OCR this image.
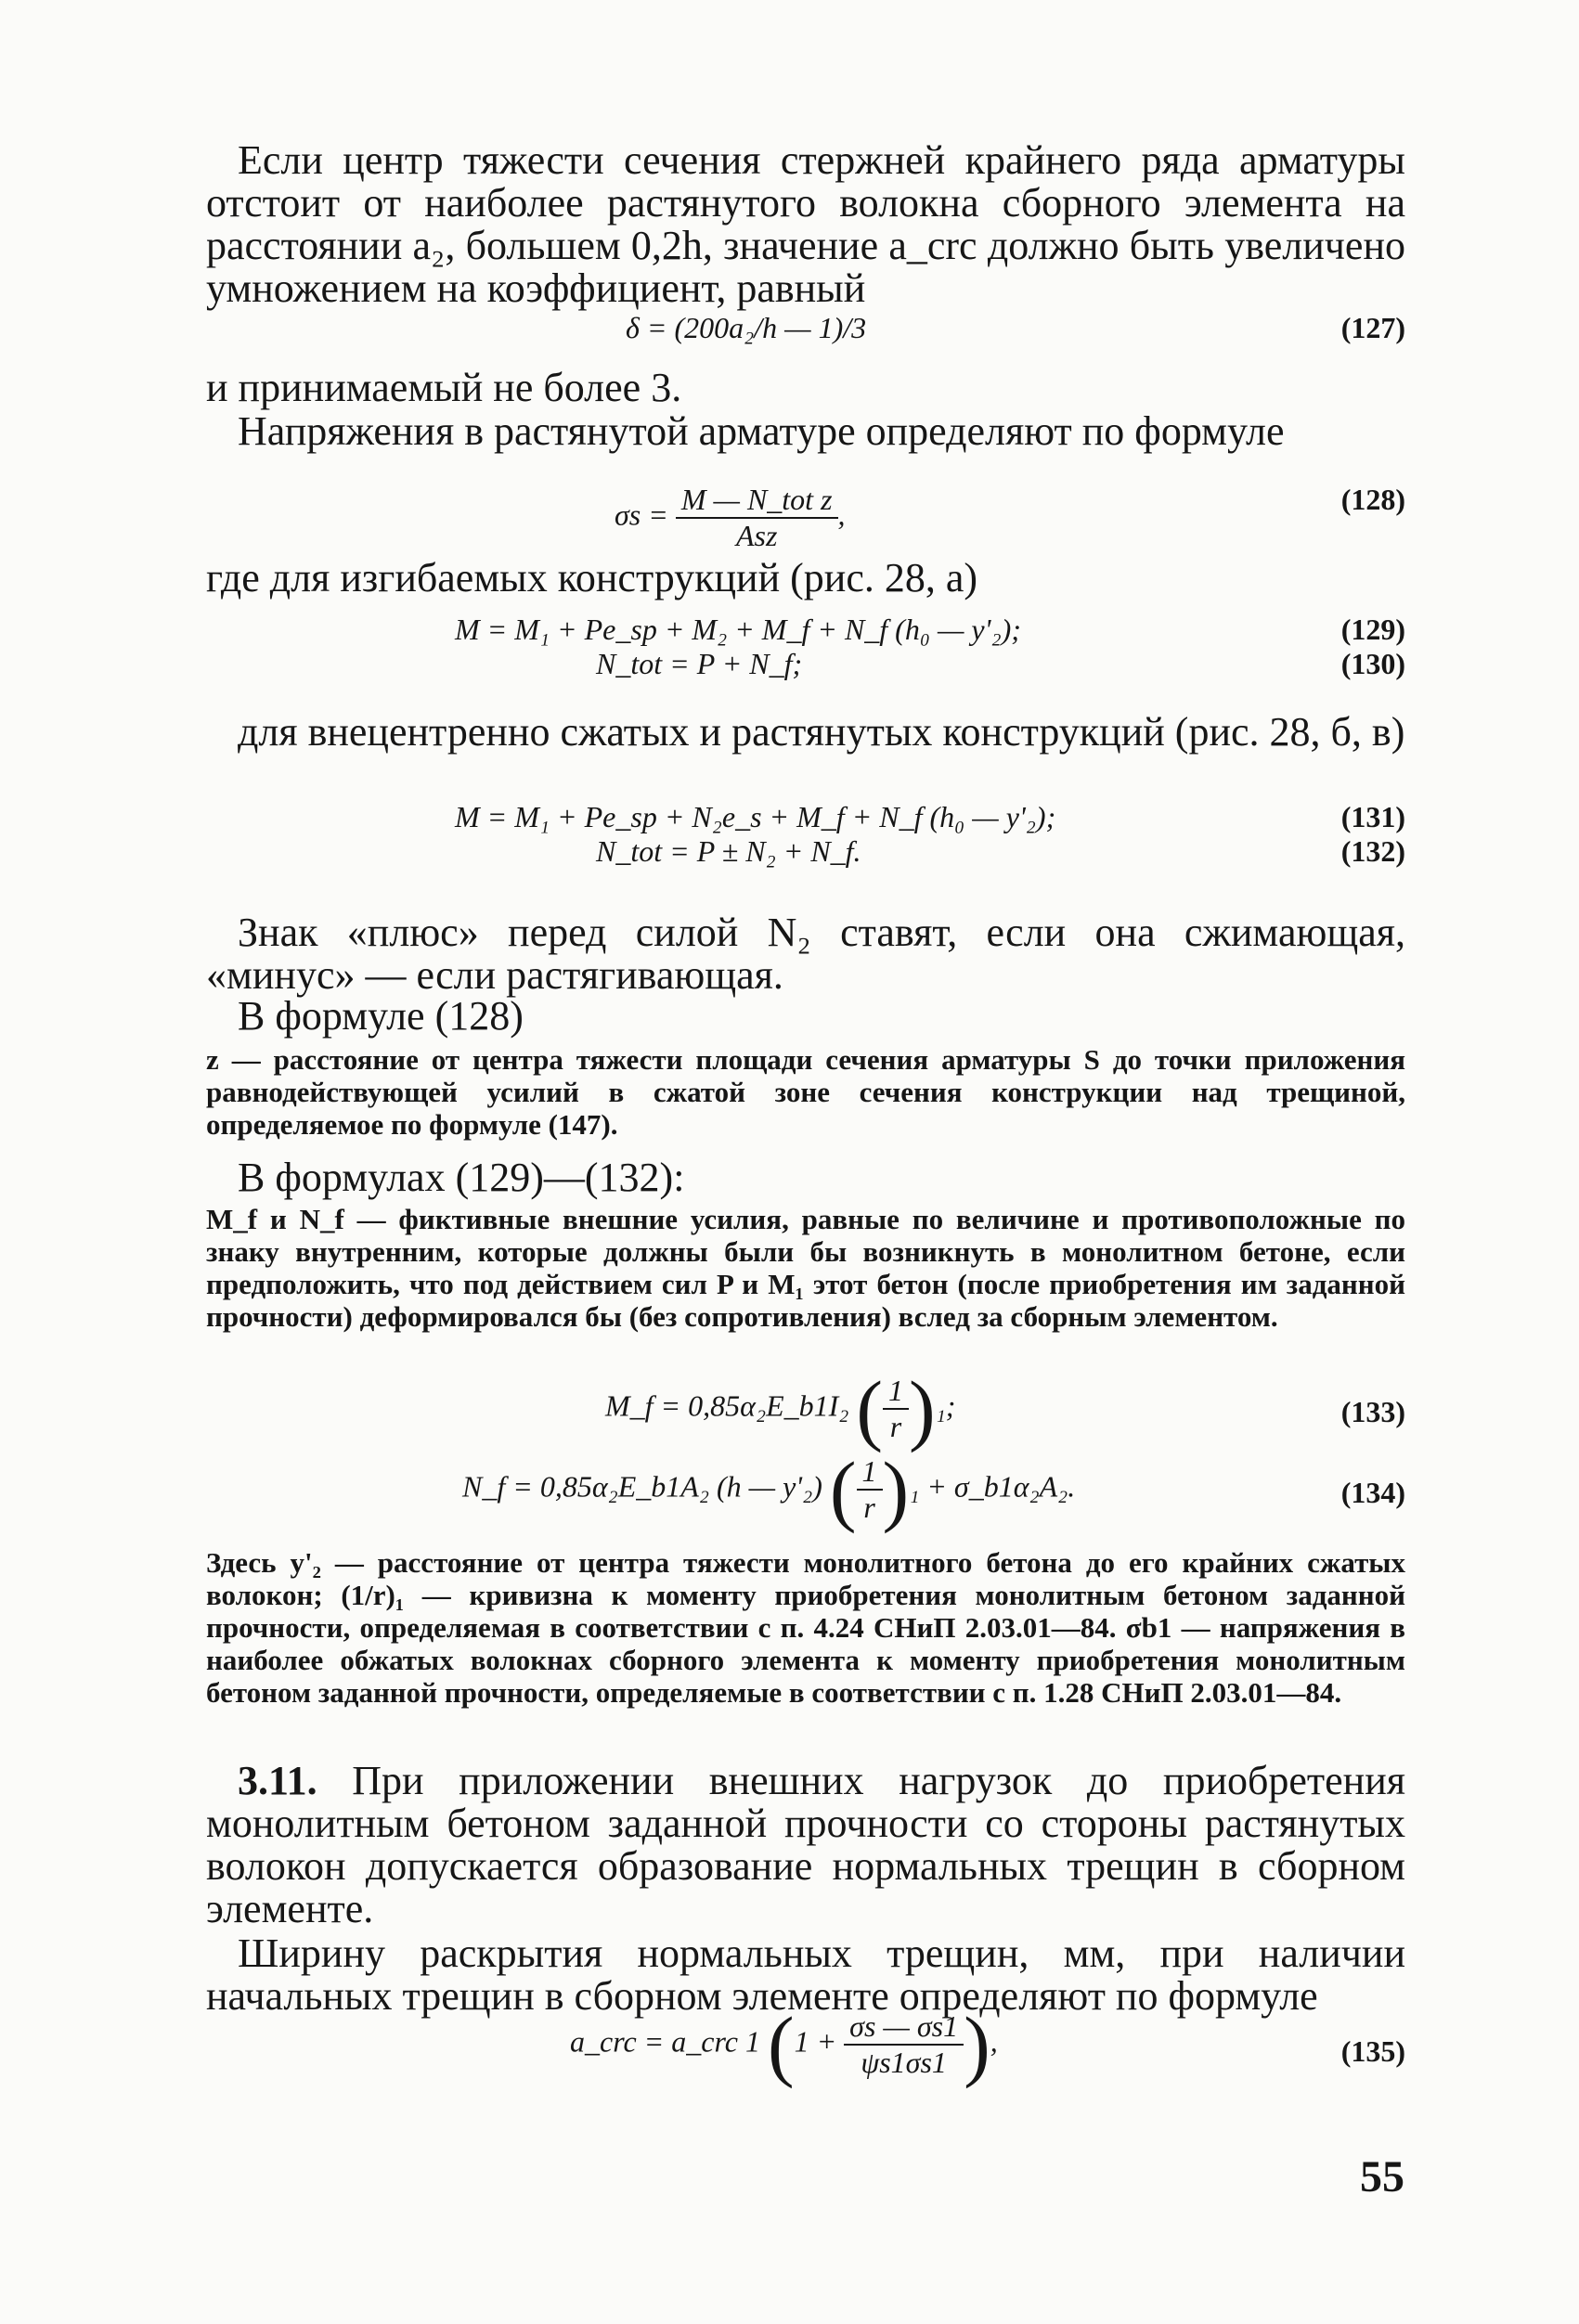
Если центр тяжести сечения стержней крайнего ряда арматуры отстоит от наиболее растянутого волокна сборного элемента на расстоянии a₂, большем 0,2h, значение a_crc должно быть увеличено умножением на коэффициент, равный
δ = (200a₂/h — 1)/3	(127)
и принимаемый не более 3.
Напряжения в растянутой арматуре определяют по формуле
$\sigma s = \frac{\text{M — N\_tot z}}{\text{Asz}}$ ,	(128)
где для изгибаемых конструкций (рис. 28, а)
M = M₁ + Pe_sp + M₂ + M_f + N_f (h₀ — y'₂);	(129)
N_tot = P + N_f;	(130)
для внецентренно сжатых и растянутых конструкций (рис. 28, б, в)
M = M₁ + Pe_sp + N₂e_s + M_f + N_f (h₀ — y'₂);	(131)
N_tot = P ± N₂ + N_f.	(132)
Знак «плюс» перед силой N₂ ставят, если она сжимающая, «минус» — если растягивающая.
В формуле (128)
z — расстояние от центра тяжести площади сечения арматуры S до точки приложения равнодействующей усилий в сжатой зоне сечения конструкции над трещиной, определяемое по формуле (147).
В формулах (129)—(132):
M_f и N_f — фиктивные внешние усилия, равные по величине и противоположные по знаку внутренним, которые должны были бы возникнуть в монолитном бетоне, если предположить, что под действием сил P и M₁ этот бетон (после приобретения им заданной прочности) деформировался бы (без сопротивления) вслед за сборным элементом.
M_f = 0,85α₂E_b1I₂ ( $\frac{1}{r} )_1$;	(133)
N_f = 0,85α₂E_b1A₂ (h — y'₂) ( $\frac{1}{r} )_1$ + σ_b1α₂A₂.	(134)
Здесь y'₂ — расстояние от центра тяжести монолитного бетона до его крайних сжатых волокон; (1/r)₁ — кривизна к моменту приобретения монолитным бетоном заданной прочности, определяемая в соответствии с п. 4.24 СНиП 2.03.01—84. σb1 — напряжения в наиболее обжатых волокнах сборного элемента к моменту приобретения монолитным бетоном заданной прочности, определяемые в соответствии с п. 1.28 СНиП 2.03.01—84.
3.11. При приложении внешних нагрузок до приобретения монолитным бетоном заданной прочности со стороны растянутых волокон допускается образование нормальных трещин в сборном элементе.
Ширину раскрытия нормальных трещин, мм, при наличии начальных трещин в сборном элементе определяют по формуле
a_crc = a_crc 1 ($1 + \frac{\sigma s — \sigma s1}{\psi s1\sigma s1}$ ),	(135)
55
